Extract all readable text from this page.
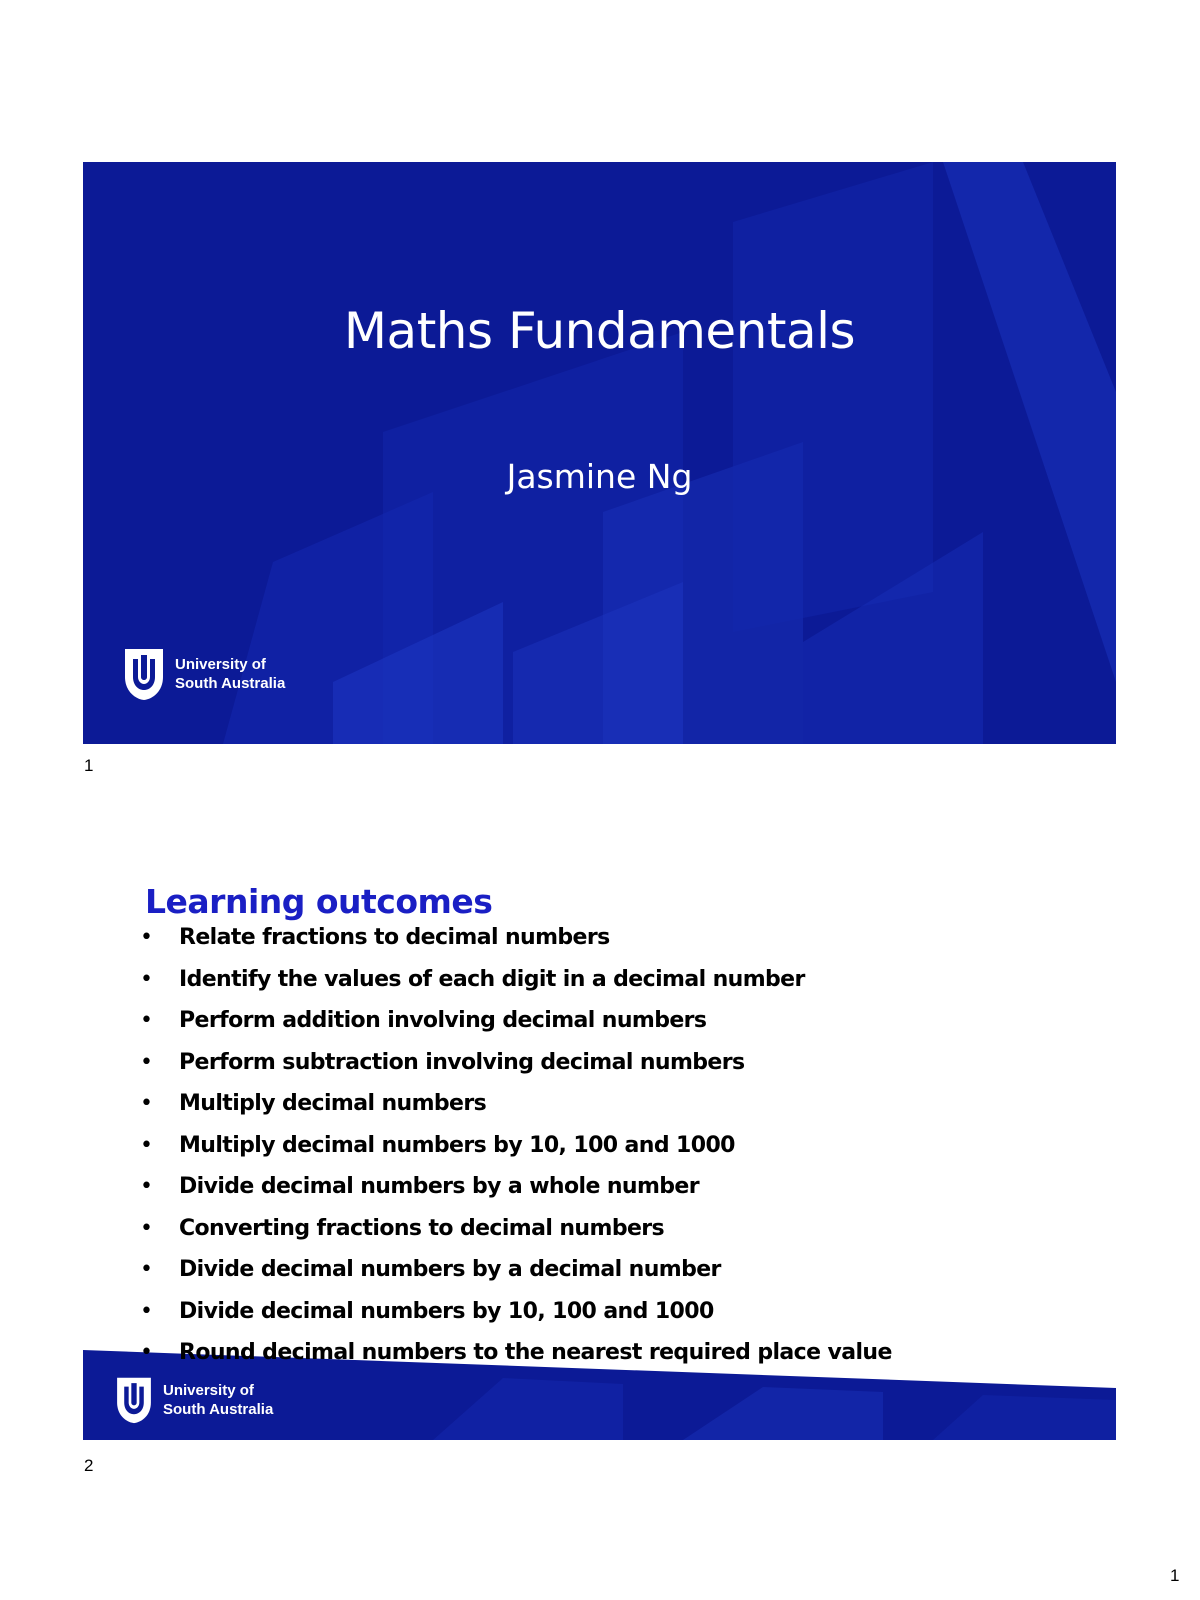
Maths Fundamentals
Jasmine Ng
University of
South Australia
1
Learning outcomes
• Relate fractions to decimal numbers
• Identify the values of each digit in a decimal number
• Perform addition involving decimal numbers
• Perform subtraction involving decimal numbers
• Multiply decimal numbers
• Multiply decimal numbers by 10, 100 and 1000
• Divide decimal numbers by a whole number
• Converting fractions to decimal numbers
• Divide decimal numbers by a decimal number
• Divide decimal numbers by 10, 100 and 1000
• Round decimal numbers to the nearest required place value
University of
South Australia
2
1
